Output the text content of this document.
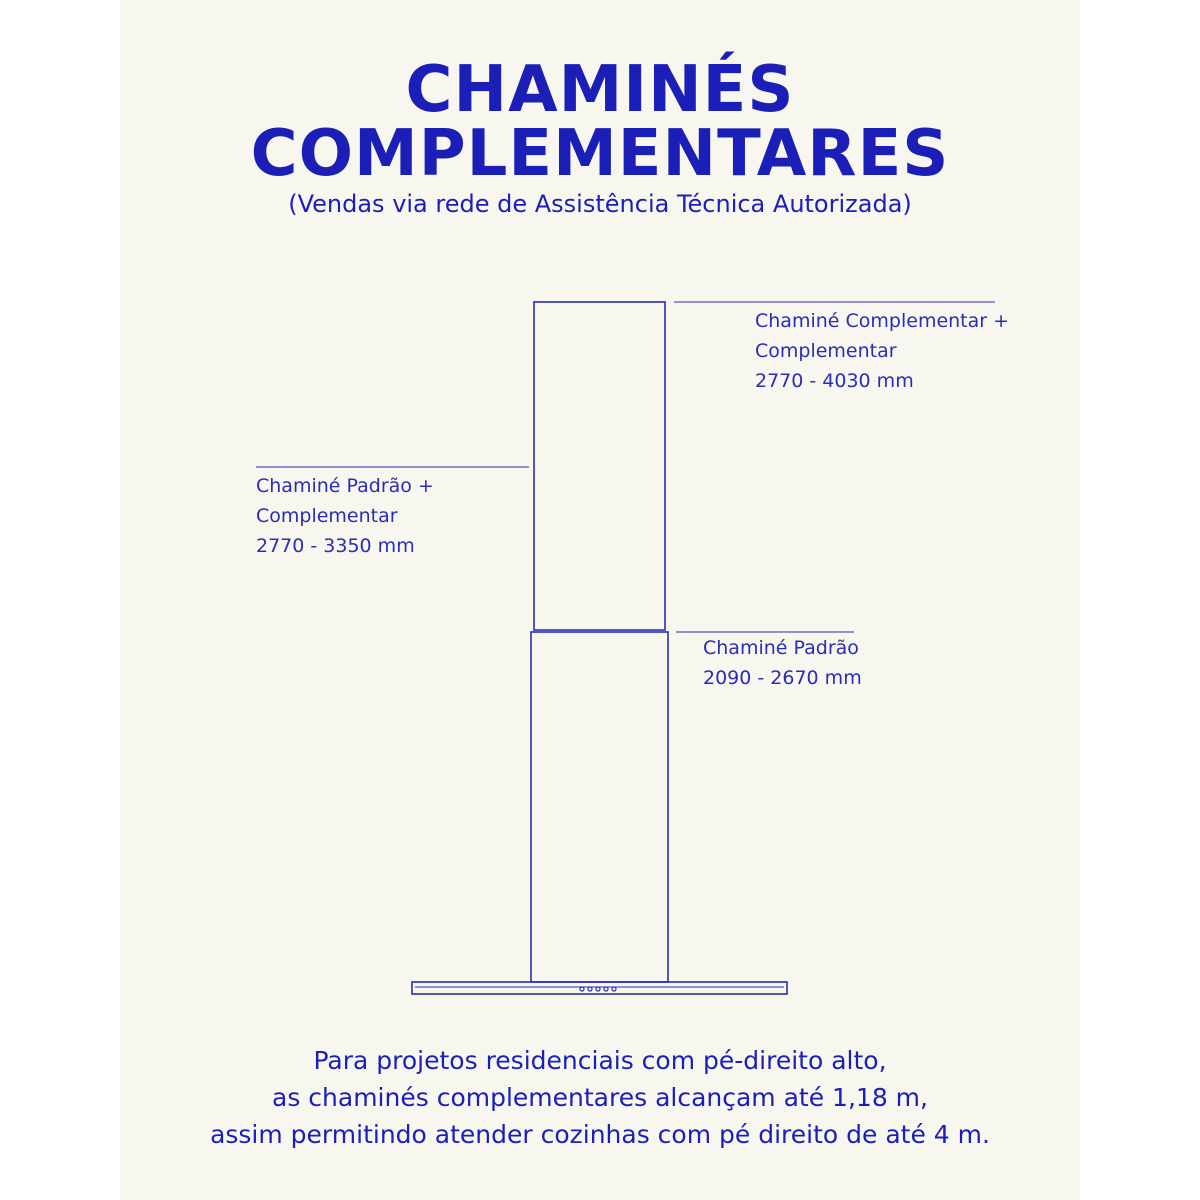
CHAMINÉS
COMPLEMENTARES

(Vendas via rede de Assistência Técnica Autorizada)

Chaminé Complementar +
Complementar
2770 - 4030 mm
Chaminé Padrão +
Complementar
2770 - 3350 mm
Chaminé Padrão
2090 - 2670 mm
Para projetos residenciais com pé-direito alto,
as chaminés complementares alcançam até 1,18 m,
assim permitindo atender cozinhas com pé direito de até 4 m.
